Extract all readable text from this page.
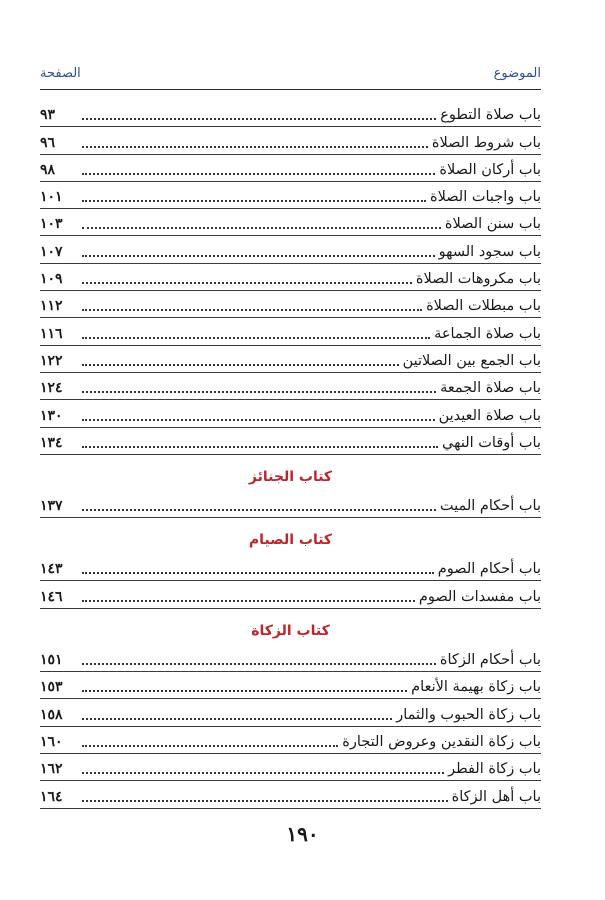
الموضوع
الصفحة
باب صلاة التطوع
٩٣
باب شروط الصلاة
٩٦
باب أركان الصلاة
٩٨
باب واجبات الصلاة
١٠١
باب سنن الصلاة
١٠٣
باب سجود السهو
١٠٧
باب مكروهات الصلاة
١٠٩
باب مبطلات الصلاة
١١٢
باب صلاة الجماعة
١١٦
باب الجمع بين الصلاتين
١٢٢
باب صلاة الجمعة
١٢٤
باب صلاة العيدين
١٣٠
باب أوقات النهي
١٣٤
كتاب الجنائز
باب أحكام الميت
١٣٧
كتاب الصيام
باب أحكام الصوم
١٤٣
باب مفسدات الصوم
١٤٦
كتاب الزكاة
باب أحكام الزكاة
١٥١
باب زكاة بهيمة الأنعام
١٥٣
باب زكاة الحبوب والثمار
١٥٨
باب زكاة النقدين وعروض التجارة
١٦٠
باب زكاة الفطر
١٦٢
باب أهل الزكاة
١٦٤
١٩٠
